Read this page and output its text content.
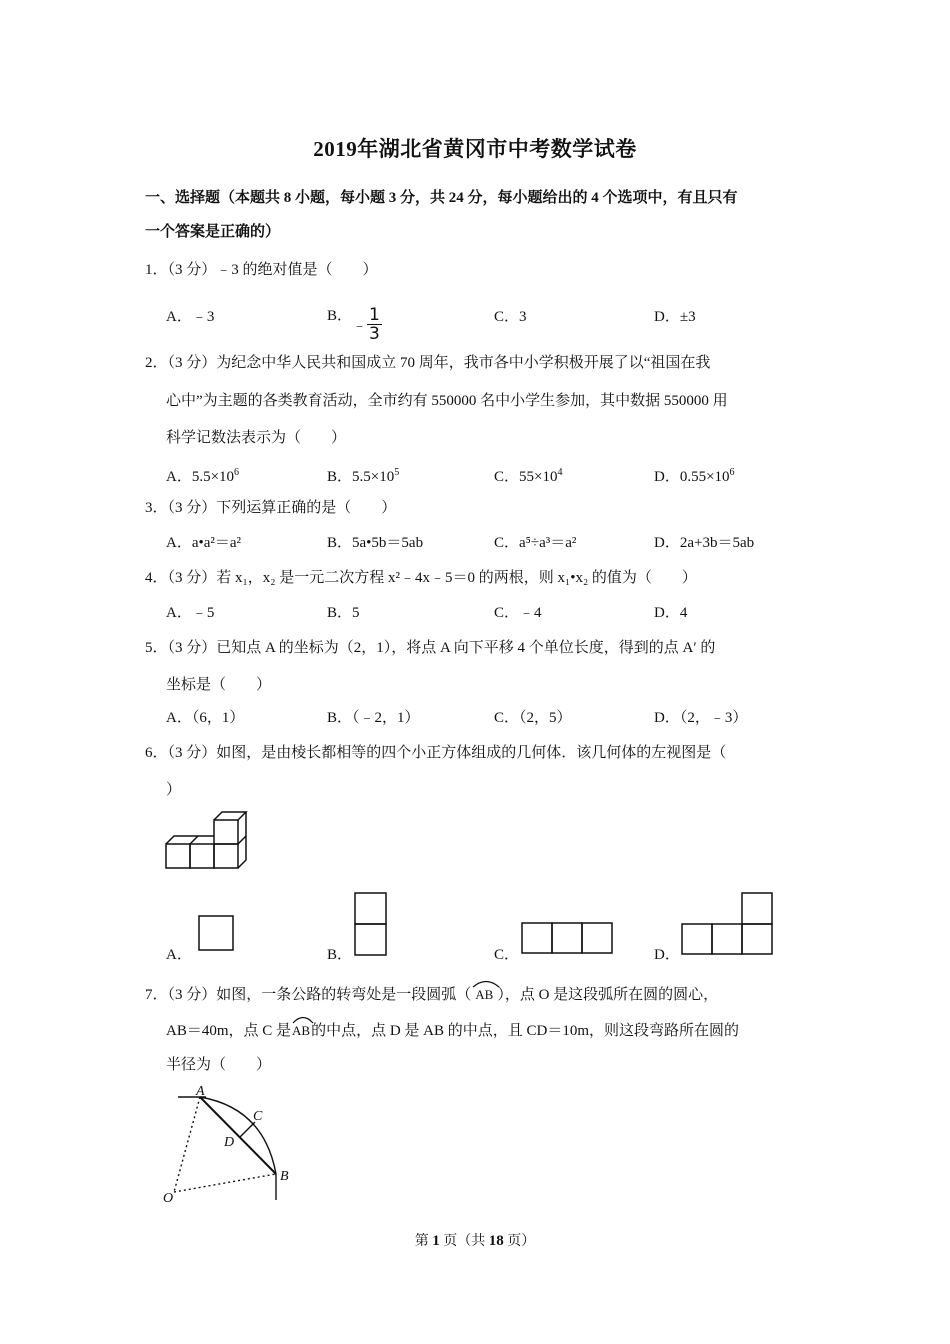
2019年湖北省黄冈市中考数学试卷
一、选择题（本题共 8 小题，每小题 3 分，共 24 分，每小题给出的 4 个选项中，有且只有
一个答案是正确的）
1．（3 分）﹣3 的绝对值是（　　）
A．﹣3	B．﹣ $\frac{1}{3}$	C．3	D．±3
2．（3 分）为纪念中华人民共和国成立 70 周年，我市各中小学积极开展了以“祖国在我
心中”为主题的各类教育活动，全市约有 550000 名中小学生参加，其中数据 550000 用
科学记数法表示为（　　）
A．$5.5\times 10^6$	B．$5.5\times 10^5$	C．$55\times 10^4$	D．$0.55\times 10^6$
3．（3 分）下列运算正确的是（　　）
A．a•a²＝a²	B．5a•5b＝5ab	C．a⁵÷a³＝a²	D．2a+3b＝5ab
4．（3 分）若 x₁，x₂ 是一元二次方程 x²﹣4x﹣5＝0 的两根，则 x₁•x₂ 的值为（　　）
A．﹣5	B．5	C．﹣4	D．4
5．（3 分）已知点 A 的坐标为（2，1），将点 A 向下平移 4 个单位长度，得到的点 A′ 的
坐标是（　　）
A．（6，1）	B．（﹣2，1）	C．（2，5）	D．（2，﹣3）
6．（3 分）如图，是由棱长都相等的四个小正方体组成的几何体．该几何体的左视图是（
）
A．	B．	C．	D．
7．（3 分）如图，一条公路的转弯处是一段圆弧（ AB ），点 O 是这段弧所在圆的圆心，
AB＝40m，点 C 是
AB的中点，点 D 是 AB 的中点，且 CD＝10m，则这段弯路所在圆的
半径为（　　）
A
B
C
D
O
第 1 页（共 18 页）
